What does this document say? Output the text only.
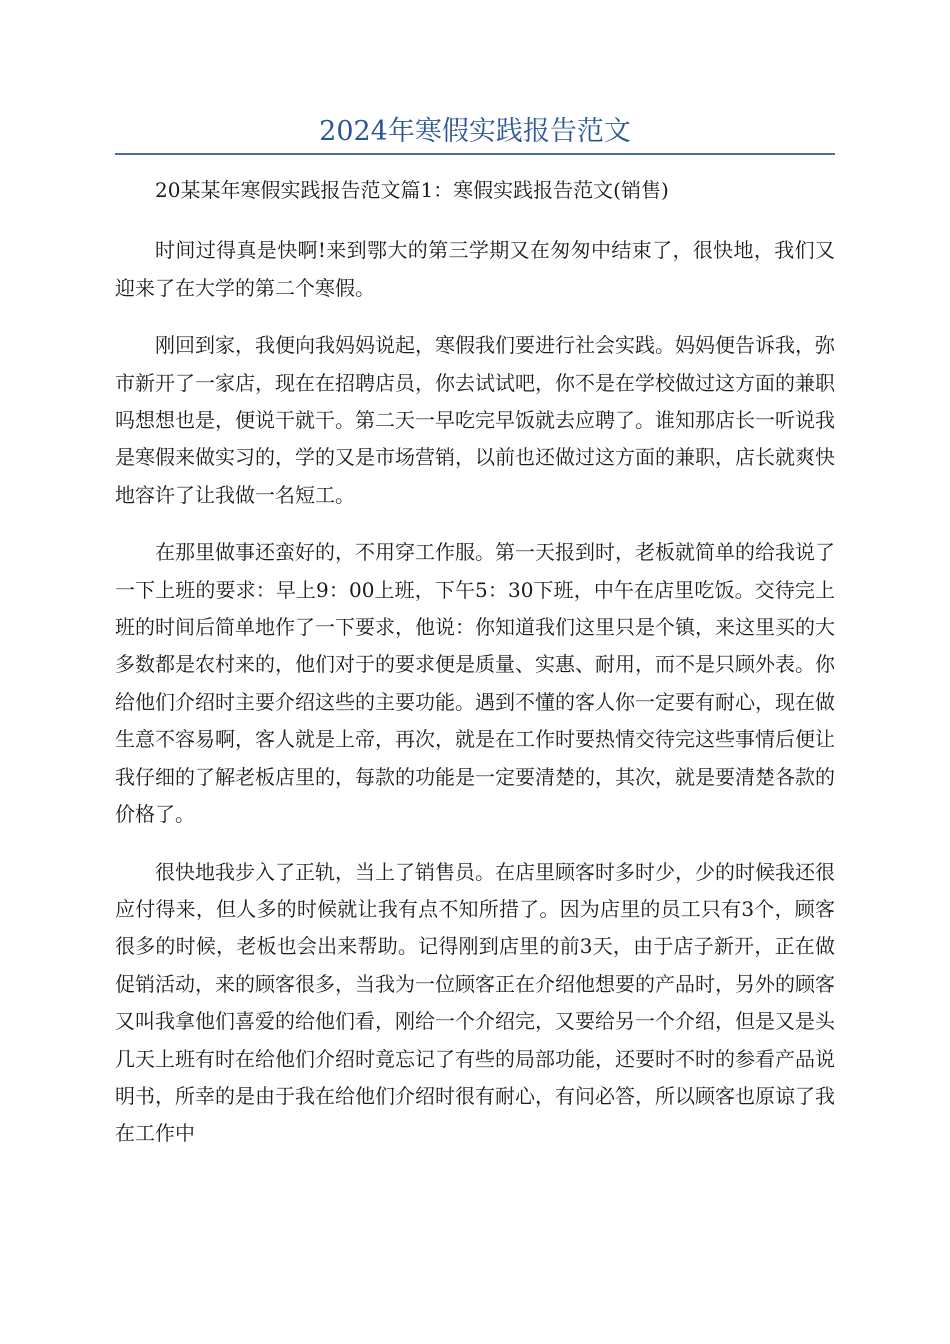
2024年寒假实践报告范文

20某某年寒假实践报告范文篇1：寒假实践报告范文(销售)

时间过得真是快啊!来到鄂大的第三学期又在匆匆中结束了，很快地，我们又迎来了在大学的第二个寒假。

刚回到家，我便向我妈妈说起，寒假我们要进行社会实践。妈妈便告诉我，弥市新开了一家店，现在在招聘店员，你去试试吧，你不是在学校做过这方面的兼职吗想想也是，便说干就干。第二天一早吃完早饭就去应聘了。谁知那店长一听说我是寒假来做实习的，学的又是市场营销，以前也还做过这方面的兼职，店长就爽快地容许了让我做一名短工。

在那里做事还蛮好的，不用穿工作服。第一天报到时，老板就简单的给我说了一下上班的要求：早上9：00上班，下午5：30下班，中午在店里吃饭。交待完上班的时间后简单地作了一下要求，他说：你知道我们这里只是个镇，来这里买的大多数都是农村来的，他们对于的要求便是质量、实惠、耐用，而不是只顾外表。你给他们介绍时主要介绍这些的主要功能。遇到不懂的客人你一定要有耐心，现在做生意不容易啊，客人就是上帝，再次，就是在工作时要热情交待完这些事情后便让我仔细的了解老板店里的，每款的功能是一定要清楚的，其次，就是要清楚各款的价格了。

很快地我步入了正轨，当上了销售员。在店里顾客时多时少，少的时候我还很应付得来，但人多的时候就让我有点不知所措了。因为店里的员工只有3个，顾客很多的时候，老板也会出来帮助。记得刚到店里的前3天，由于店子新开，正在做促销活动，来的顾客很多，当我为一位顾客正在介绍他想要的产品时，另外的顾客又叫我拿他们喜爱的给他们看，刚给一个介绍完，又要给另一个介绍，但是又是头几天上班有时在给他们介绍时竟忘记了有些的局部功能，还要时不时的参看产品说明书，所幸的是由于我在给他们介绍时很有耐心，有问必答，所以顾客也原谅了我在工作中
